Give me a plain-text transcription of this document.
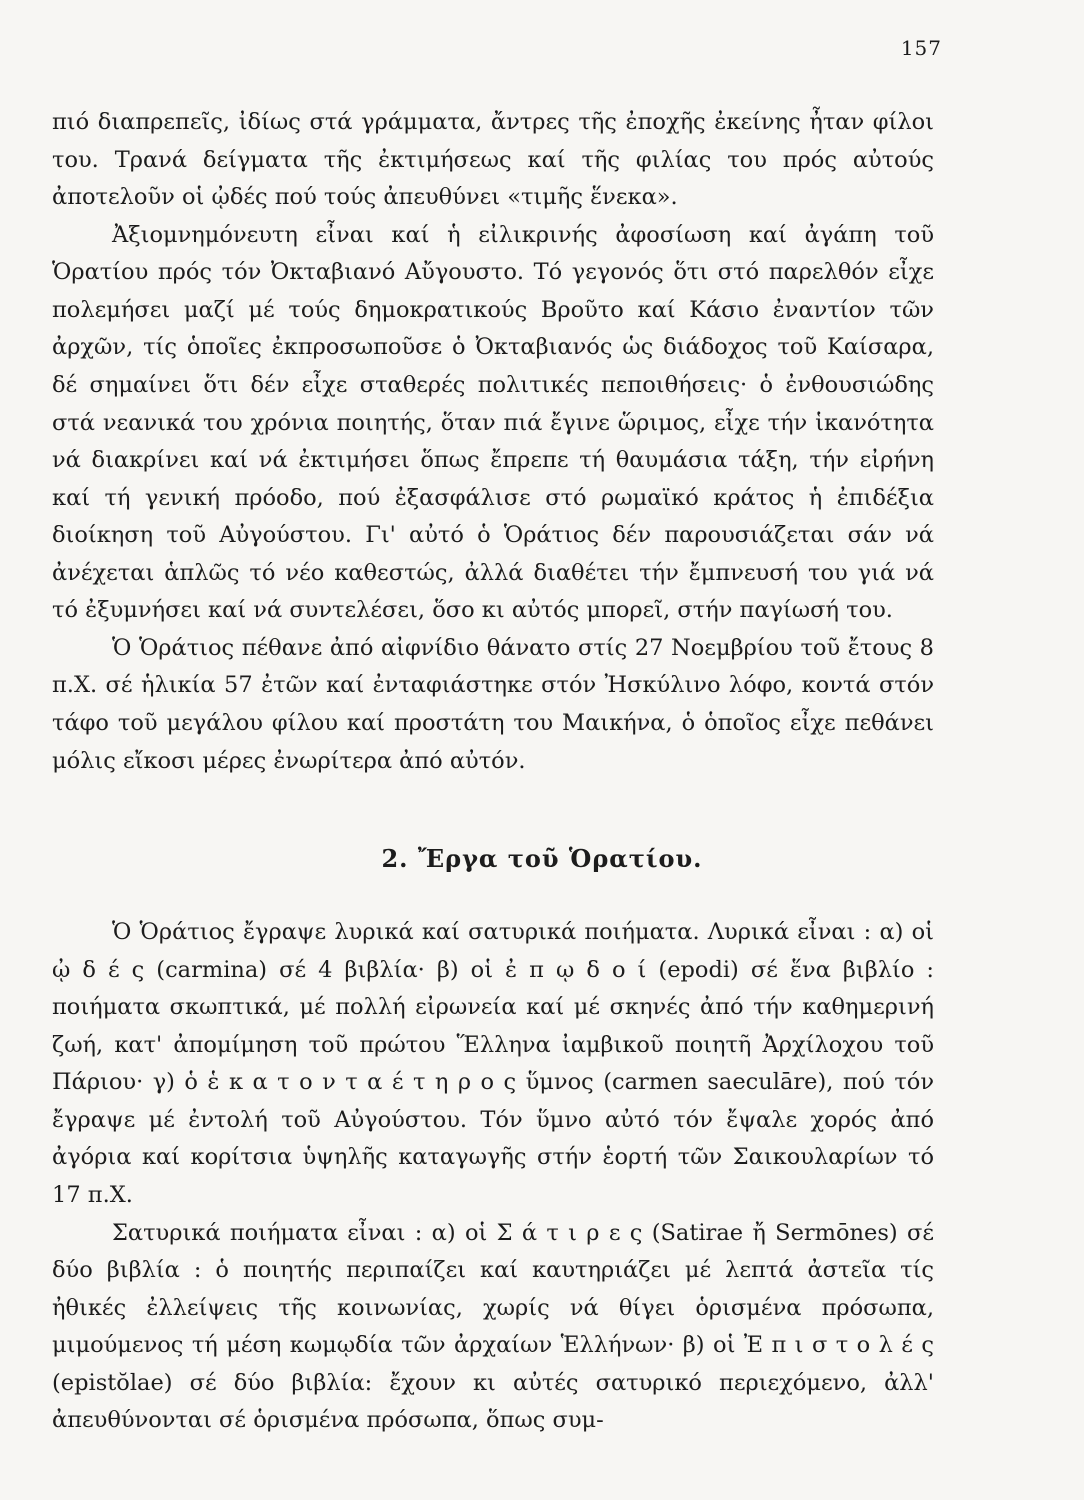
157

πιό διαπρεπεῖς, ἰδίως στά γράμματα, ἄντρες τῆς ἐποχῆς ἐκείνης ἦταν φίλοι του. Τρανά δείγματα τῆς ἐκτιμήσεως καί τῆς φιλίας του πρός αὐτούς ἀποτελοῦν οἱ ᾠδές πού τούς ἀπευθύνει «τιμῆς ἕνεκα».

Ἀξιομνημόνευτη εἶναι καί ἡ εἰλικρινής ἀφοσίωση καί ἀγάπη τοῦ Ὁρατίου πρός τόν Ὀκταβιανό Αὔγουστο. Τό γεγονός ὅτι στό παρελθόν εἶχε πολεμήσει μαζί μέ τούς δημοκρατικούς Βροῦτο καί Κάσιο ἐναντίον τῶν ἀρχῶν, τίς ὁποῖες ἐκπροσωποῦσε ὁ Ὀκταβιανός ὡς διάδοχος τοῦ Καίσαρα, δέ σημαίνει ὅτι δέν εἶχε σταθερές πολιτικές πεποιθήσεις· ὁ ἐνθουσιώδης στά νεανικά του χρόνια ποιητής, ὅταν πιά ἔγινε ὥριμος, εἶχε τήν ἱκανότητα νά διακρίνει καί νά ἐκτιμήσει ὅπως ἔπρεπε τή θαυμάσια τάξη, τήν εἰρήνη καί τή γενική πρόοδο, πού ἐξασφάλισε στό ρωμαϊκό κράτος ἡ ἐπιδέξια διοίκηση τοῦ Αὐγούστου. Γι' αὐτό ὁ Ὁράτιος δέν παρουσιάζεται σάν νά ἀνέχεται ἁπλῶς τό νέο καθεστώς, ἀλλά διαθέτει τήν ἔμπνευσή του γιά νά τό ἐξυμνήσει καί νά συντελέσει, ὅσο κι αὐτός μπορεῖ, στήν παγίωσή του.

Ὁ Ὁράτιος πέθανε ἀπό αἰφνίδιο θάνατο στίς 27 Νοεμβρίου τοῦ ἔτους 8 π.Χ. σέ ἡλικία 57 ἐτῶν καί ἐνταφιάστηκε στόν Ἠσκύλινο λόφο, κοντά στόν τάφο τοῦ μεγάλου φίλου καί προστάτη του Μαικήνα, ὁ ὁποῖος εἶχε πεθάνει μόλις εἴκοσι μέρες ἐνωρίτερα ἀπό αὐτόν.

2. Ἔργα τοῦ Ὁρατίου.

Ὁ Ὁράτιος ἔγραψε λυρικά καί σατυρικά ποιήματα. Λυρικά εἶναι : α) οἱ ᾠ δ έ ς (carmina) σέ 4 βιβλία· β) οἱ ἐ π ῳ δ ο ί (epodi) σέ ἕνα βιβλίο : ποιήματα σκωπτικά, μέ πολλή εἰρωνεία καί μέ σκηνές ἀπό τήν καθημερινή ζωή, κατ' ἀπομίμηση τοῦ πρώτου Ἕλληνα ἰαμβικοῦ ποιητῆ Ἀρχίλοχου τοῦ Πάριου· γ) ὁ ἑ κ α τ ο ν τ α έ τ η ρ ο ς ὕμνος (carmen saeculāre), πού τόν ἔγραψε μέ ἐντολή τοῦ Αὐγούστου. Τόν ὕμνο αὐτό τόν ἔψαλε χορός ἀπό ἀγόρια καί κορίτσια ὑψηλῆς καταγωγῆς στήν ἑορτή τῶν Σαικουλαρίων τό 17 π.Χ.

Σατυρικά ποιήματα εἶναι : α) οἱ Σ ά τ ι ρ ε ς (Satirae ἤ Sermōnes) σέ δύο βιβλία : ὁ ποιητής περιπαίζει καί καυτηριάζει μέ λεπτά ἀστεῖα τίς ἠθικές ἐλλείψεις τῆς κοινωνίας, χωρίς νά θίγει ὁρισμένα πρόσωπα, μιμούμενος τή μέση κωμῳδία τῶν ἀρχαίων Ἑλλήνων· β) οἱ Ἐ π ι σ τ ο λ έ ς (epistŏlae) σέ δύο βιβλία: ἔχουν κι αὐτές σατυρικό περιεχόμενο, ἀλλ' ἀπευθύνονται σέ ὁρισμένα πρόσωπα, ὅπως συμ-
